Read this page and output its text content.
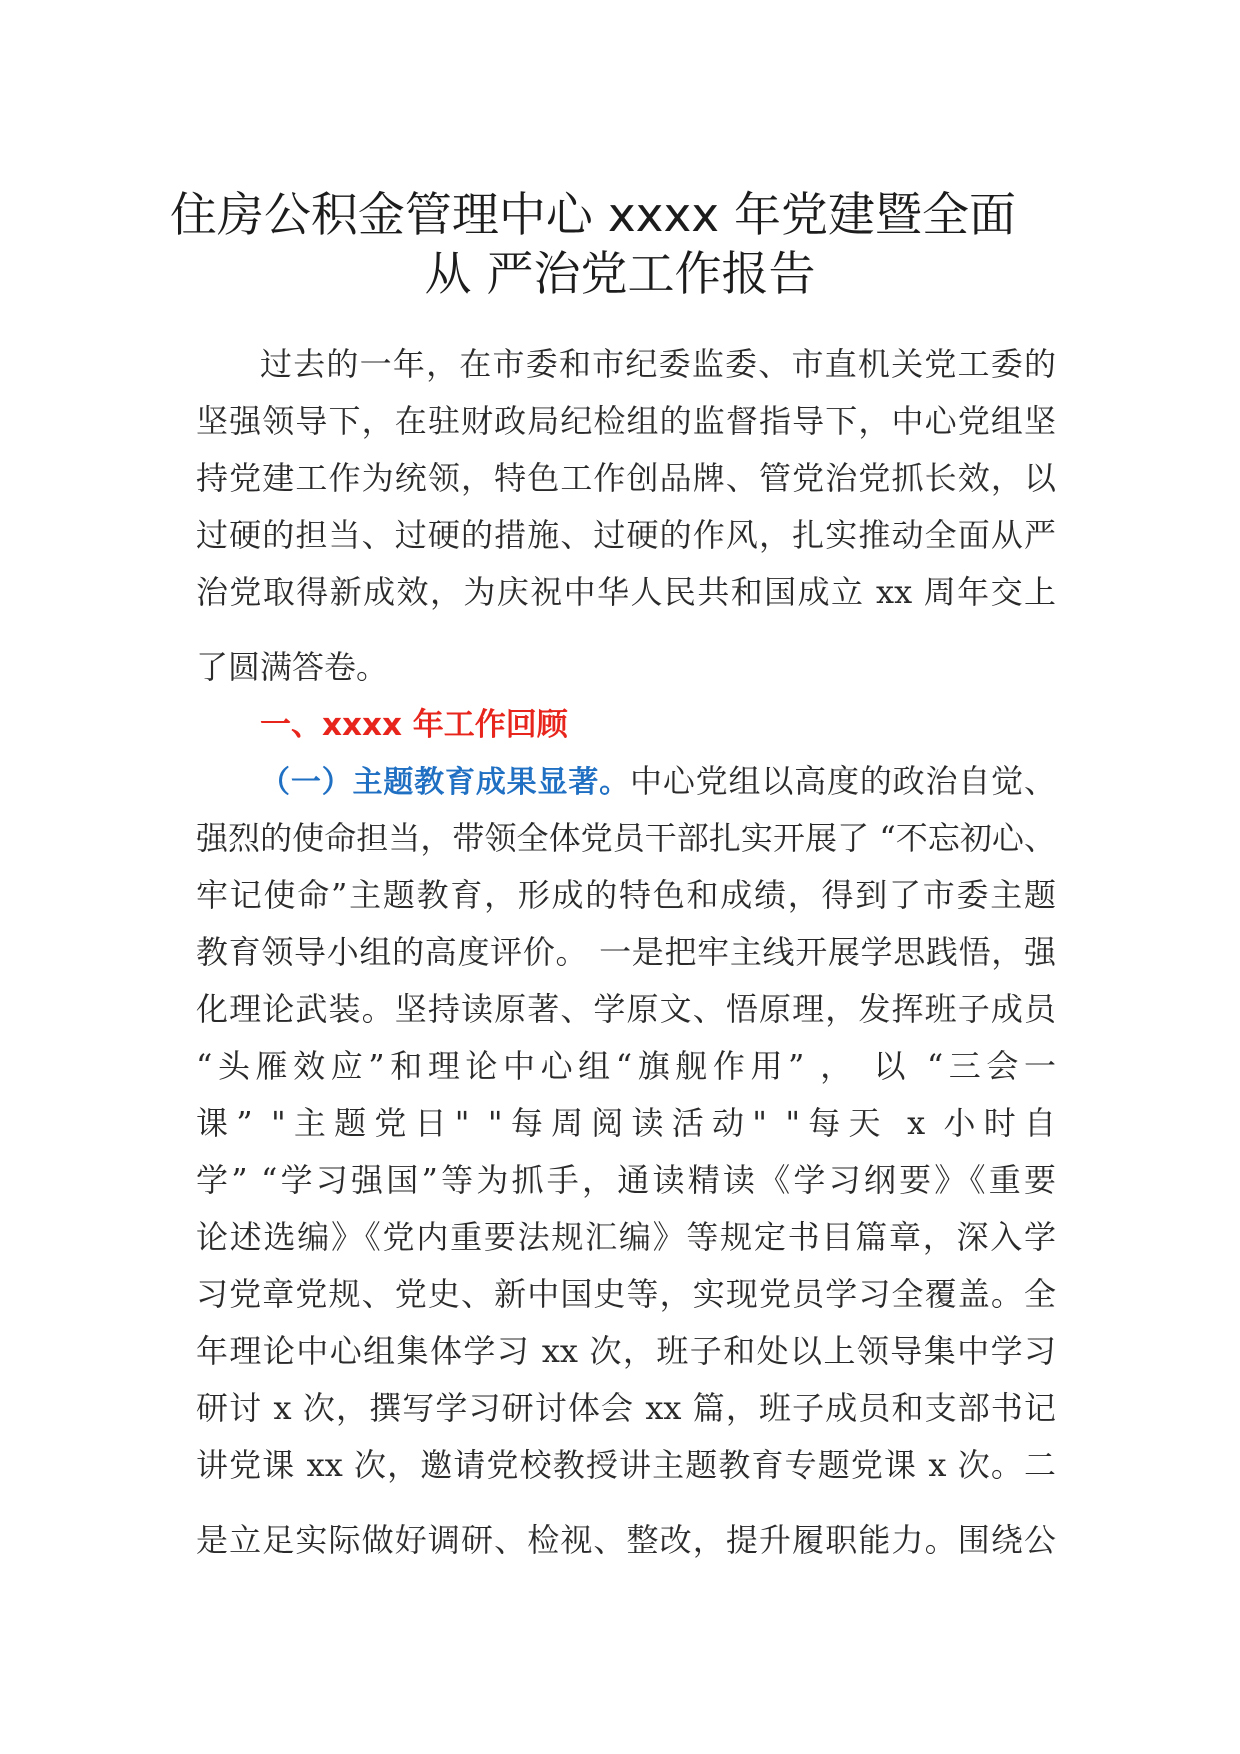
住房公积金管理中心 xxxx 年党建暨全面
从 严治党工作报告
过去的一年，在市委和市纪委监委、市直机关党工委的
坚强领导下，在驻财政局纪检组的监督指导下，中心党组坚
持党建工作为统领，特色工作创品牌、管党治党抓长效，以
过硬的担当、过硬的措施、过硬的作风，扎实推动全面从严
治党取得新成效，为庆祝中华人民共和国成立 xx 周年交上
了圆满答卷。
一、xxxx 年工作回顾
（一）主题教育成果显著。中心党组以高度的政治自觉、
强烈的使命担当，带领全体党员干部扎实开展了 “不忘初心、
牢记使命”主题教育，形成的特色和成绩，得到了市委主题
教育领导小组的高度评价。 一是把牢主线开展学思践悟，强
化理论武装。坚持读原著、学原文、悟原理，发挥班子成员
“头雁效应”和理论中心组“旗舰作用” ， 以 “三会一
课” "主题党日" "每周阅读活动" "每天 x 小时自
学” “学习强国”等为抓手，通读精读《学习纲要》《重要
论述选编》《党内重要法规汇编》等规定书目篇章，深入学
习党章党规、党史、新中国史等，实现党员学习全覆盖。全
年理论中心组集体学习 xx 次，班子和处以上领导集中学习
研讨 x 次，撰写学习研讨体会 xx 篇，班子成员和支部书记
讲党课 xx 次，邀请党校教授讲主题教育专题党课 x 次。二
是立足实际做好调研、检视、整改，提升履职能力。围绕公
